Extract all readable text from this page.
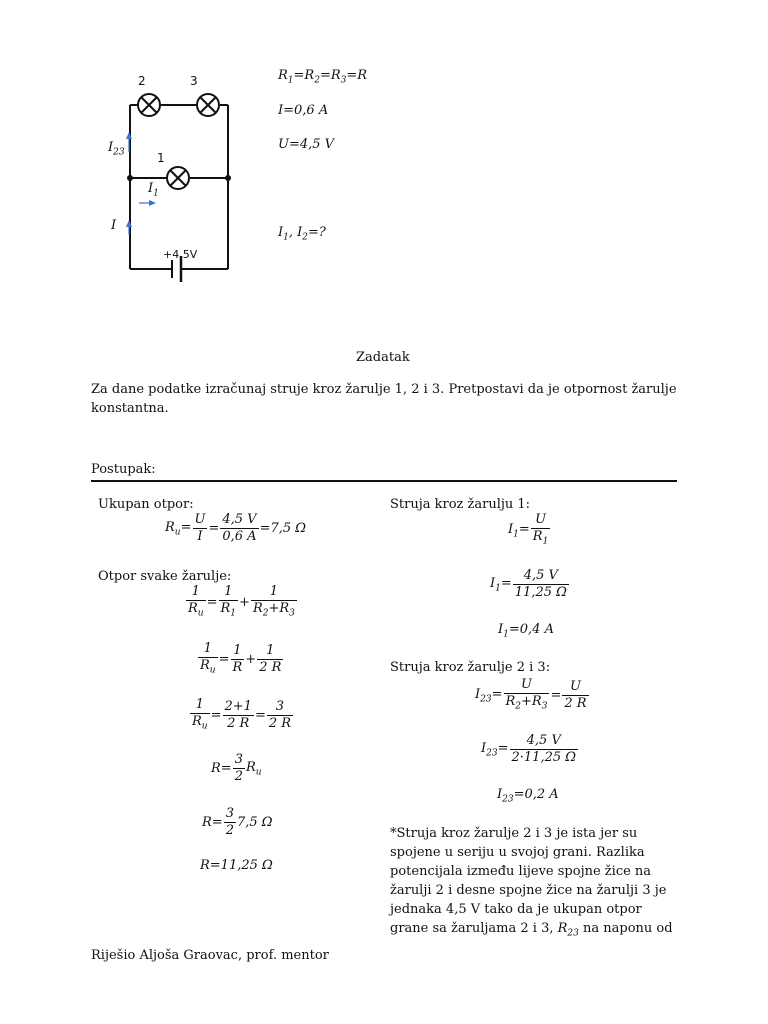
2	3
1
$I_{23}$
$I_1$
I
+4.5V
$R_1=R_2=R_3=R$
I=0,6 A
U=4,5 V
$I_1$, $I_2=$?
Zadatak
Za dane podatke izračunaj struje kroz žarulje 1, 2 i 3. Pretpostavi da je otpornost žarulje konstantna.
Postupak:
Ukupan otpor:
$R_u= \frac{U}{I} = \frac{4,5 V}{0,6 A} =7,5$ Ω
Otpor svake žarulje:
$\frac{1}{R_u} = \frac{1}{R_1} + \frac{1}{R_2+R_3}$
$\frac{1}{R_u} = \frac{1}{R} + \frac{1}{2 R}$
$\frac{1}{R_u} = \frac{2+1}{2 R} = \frac{3}{2 R}$
$R= \frac{3}{2} R_u$
$R= \frac{3}{2} 7,5$ Ω
R=11,25 Ω
Struja kroz žarulju 1:
$I_1= \frac{U}{R_1}$
$I_1= \frac{4,5 V}{11,25 \Omega}$
$I_1=0,4$ A
Struja kroz žarulje 2 i 3:
$I_{23}= \frac{U}{R_2+R_3} = \frac{U}{2 R}$
$I_{23}= \frac{4,5 V}{2\cdot 11,25 \Omega}$
$I_{23}=0,2$ A
*Struja kroz žarulje 2 i 3 je ista jer su
spojene u seriju u svojoj grani. Razlika
potencijala između lijeve spojne žice na
žarulji 2 i desne spojne žice na žarulji 3 je
jednaka 4,5 V tako da je ukupan otpor
grane sa žaruljama 2 i 3, $R_{23}$ na naponu od
Riješio Aljoša Graovac, prof. mentor
